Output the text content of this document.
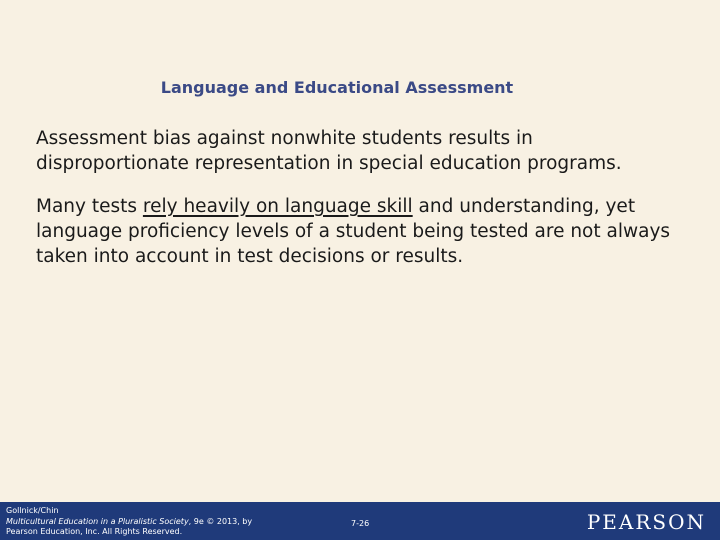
Language and Educational Assessment
Assessment bias against nonwhite students results in disproportionate representation in special education programs.
Many tests rely heavily on language skill and understanding, yet language proficiency levels of a student being tested are not always taken into account in test decisions or results.
Gollnick/Chin
Multicultural Education in a Pluralistic Society, 9e © 2013, by
Pearson Education, Inc. All Rights Reserved.
7-26	PEARSON
